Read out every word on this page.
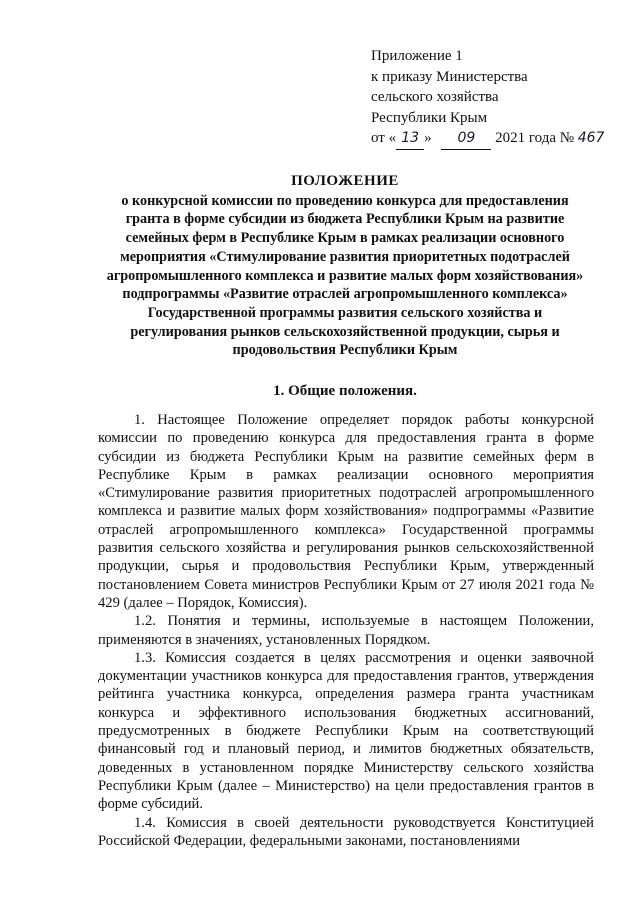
Приложение 1
к приказу Министерства
сельского хозяйства
Республики Крым
от « 13 » 09 2021 года № 467
ПОЛОЖЕНИЕ
о конкурсной комиссии по проведению конкурса для предоставления гранта в форме субсидии из бюджета Республики Крым на развитие семейных ферм в Республике Крым в рамках реализации основного мероприятия «Стимулирование развития приоритетных подотраслей агропромышленного комплекса и развитие малых форм хозяйствования» подпрограммы «Развитие отраслей агропромышленного комплекса» Государственной программы развития сельского хозяйства и регулирования рынков сельскохозяйственной продукции, сырья и продовольствия Республики Крым
1. Общие положения.

1. Настоящее Положение определяет порядок работы конкурсной комиссии по проведению конкурса для предоставления гранта в форме субсидии из бюджета Республики Крым на развитие семейных ферм в Республике Крым в рамках реализации основного мероприятия «Стимулирование развития приоритетных подотраслей агропромышленного комплекса и развитие малых форм хозяйствования» подпрограммы «Развитие отраслей агропромышленного комплекса» Государственной программы развития сельского хозяйства и регулирования рынков сельскохозяйственной продукции, сырья и продовольствия Республики Крым, утвержденный постановлением Совета министров Республики Крым от 27 июля 2021 года № 429 (далее – Порядок, Комиссия).

1.2. Понятия и термины, используемые в настоящем Положении, применяются в значениях, установленных Порядком.

1.3. Комиссия создается в целях рассмотрения и оценки заявочной документации участников конкурса для предоставления грантов, утверждения рейтинга участника конкурса, определения размера гранта участникам конкурса и эффективного использования бюджетных ассигнований, предусмотренных в бюджете Республики Крым на соответствующий финансовый год и плановый период, и лимитов бюджетных обязательств, доведенных в установленном порядке Министерству сельского хозяйства Республики Крым (далее – Министерство) на цели предоставления грантов в форме субсидий.

1.4. Комиссия в своей деятельности руководствуется Конституцией Российской Федерации, федеральными законами, постановлениями
